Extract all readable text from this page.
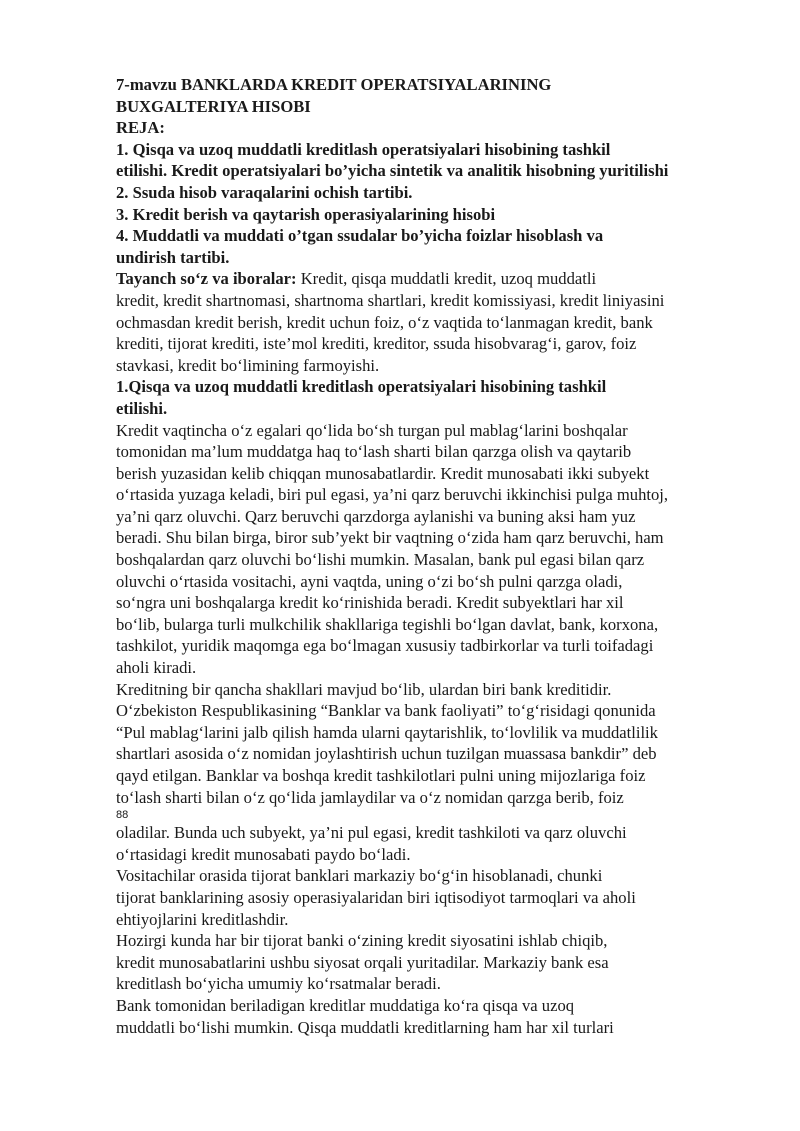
7-mavzu BANKLARDA KREDIT OPERATSIYALARINING
BUXGALTERIYA HISOBI
REJA:
1. Qisqa va uzoq muddatli kreditlash operatsiyalari hisobining tashkil
etilishi. Kredit operatsiyalari bo’yicha sintetik va analitik hisobning yuritilishi
2. Ssuda hisob varaqalarini ochish tartibi.
3. Kredit berish va qaytarish operasiyalarining hisobi
4. Muddatli va muddati o’tgan ssudalar bo’yicha foizlar hisoblash va
undirish tartibi.
Tayanch so‘z va iboralar: Kredit, qisqa muddatli kredit, uzoq muddatli
kredit, kredit shartnomasi, shartnoma shartlari, kredit komissiyasi, kredit liniyasini
ochmasdan kredit berish, kredit uchun foiz, o‘z vaqtida to‘lanmagan kredit, bank
krediti, tijorat krediti, iste’mol krediti, kreditor, ssuda hisobvarag‘i, garov, foiz
stavkasi, kredit bo‘limining farmoyishi.
1.Qisqa va uzoq muddatli kreditlash operatsiyalari hisobining tashkil
etilishi.
Kredit vaqtincha o‘z egalari qo‘lida bo‘sh turgan pul mablag‘larini boshqalar
tomonidan ma’lum muddatga haq to‘lash sharti bilan qarzga olish va qaytarib
berish yuzasidan kelib chiqqan munosabatlardir. Kredit munosabati ikki subyekt
o‘rtasida yuzaga keladi, biri pul egasi, ya’ni qarz beruvchi ikkinchisi pulga muhtoj,
ya’ni qarz oluvchi. Qarz beruvchi qarzdorga aylanishi va buning aksi ham yuz
beradi. Shu bilan birga, biror sub’yekt bir vaqtning o‘zida ham qarz beruvchi, ham
boshqalardan qarz oluvchi bo‘lishi mumkin. Masalan, bank pul egasi bilan qarz
oluvchi o‘rtasida vositachi, ayni vaqtda, uning o‘zi bo‘sh pulni qarzga oladi,
so‘ngra uni boshqalarga kredit ko‘rinishida beradi. Kredit subyektlari har xil
bo‘lib, bularga turli mulkchilik shakllariga tegishli bo‘lgan davlat, bank, korxona,
tashkilot, yuridik maqomga ega bo‘lmagan xususiy tadbirkorlar va turli toifadagi
aholi kiradi.
Kreditning bir qancha shakllari mavjud bo‘lib, ulardan biri bank kreditidir.
O‘zbekiston Respublikasining “Banklar va bank faoliyati” to‘g‘risidagi qonunida
“Pul mablag‘larini jalb qilish hamda ularni qaytarishlik, to‘lovlilik va muddatlilik
shartlari asosida o‘z nomidan joylashtirish uchun tuzilgan muassasa bankdir” deb
qayd etilgan. Banklar va boshqa kredit tashkilotlari pulni uning mijozlariga foiz
to‘lash sharti bilan o‘z qo‘lida jamlaydilar va o‘z nomidan qarzga berib, foiz
88
oladilar. Bunda uch subyekt, ya’ni pul egasi, kredit tashkiloti va qarz oluvchi
o‘rtasidagi kredit munosabati paydo bo‘ladi.
Vositachilar orasida tijorat banklari markaziy bo‘g‘in hisoblanadi, chunki
tijorat banklarining asosiy operasiyalaridan biri iqtisodiyot tarmoqlari va aholi
ehtiyojlarini kreditlashdir.
Hozirgi kunda har bir tijorat banki o‘zining kredit siyosatini ishlab chiqib,
kredit munosabatlarini ushbu siyosat orqali yuritadilar. Markaziy bank esa
kreditlash bo‘yicha umumiy ko‘rsatmalar beradi.
Bank tomonidan beriladigan kreditlar muddatiga ko‘ra qisqa va uzoq
muddatli bo‘lishi mumkin. Qisqa muddatli kreditlarning ham har xil turlari
